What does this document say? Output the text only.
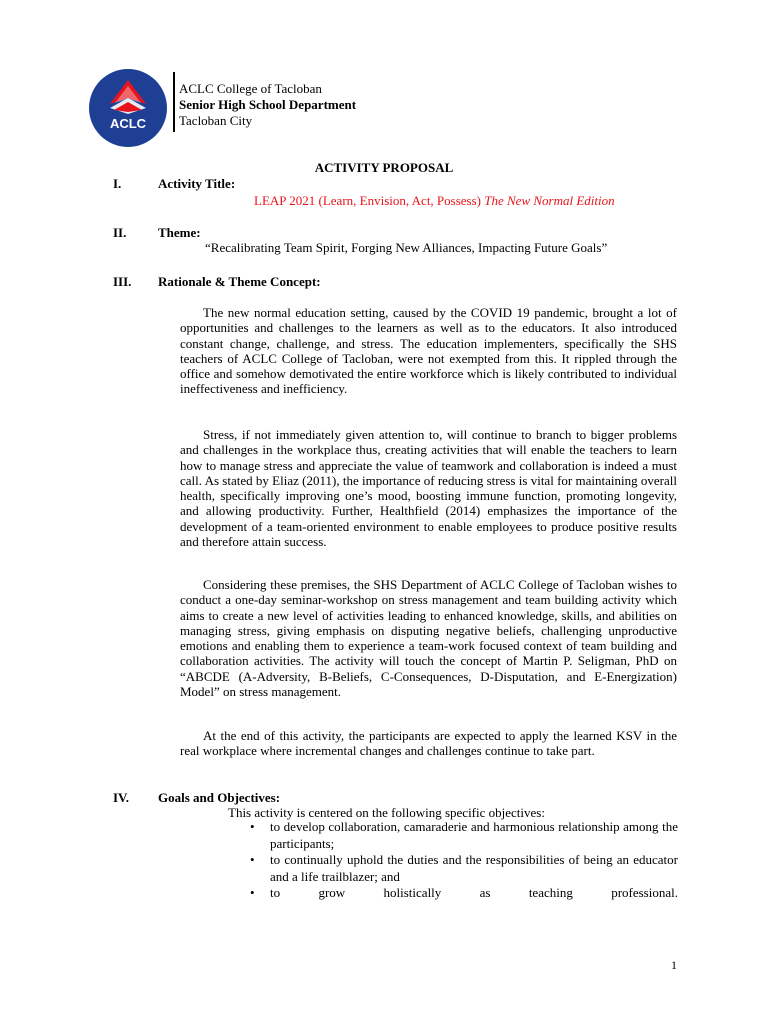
ACLC
ACLC College of Tacloban
Senior High School Department
Tacloban City
ACTIVITY PROPOSAL
I.	Activity Title:
LEAP 2021 (Learn, Envision, Act, Possess) The New Normal Edition
II. Theme:
“Recalibrating Team Spirit, Forging New Alliances, Impacting Future Goals”
III. Rationale & Theme Concept:

The new normal education setting, caused by the COVID 19 pandemic, brought a lot of opportunities and challenges to the learners as well as to the educators. It also introduced constant change, challenge, and stress. The education implementers, specifically the SHS teachers of ACLC College of Tacloban, were not exempted from this. It rippled through the office and somehow demotivated the entire workforce which is likely contributed to individual ineffectiveness and inefficiency.

Stress, if not immediately given attention to, will continue to branch to bigger problems and challenges in the workplace thus, creating activities that will enable the teachers to learn how to manage stress and appreciate the value of teamwork and collaboration is indeed a must call. As stated by Eliaz (2011), the importance of reducing stress is vital for maintaining overall health, specifically improving one’s mood, boosting immune function, promoting longevity, and allowing productivity. Further, Healthfield (2014) emphasizes the importance of the development of a team-oriented environment to enable employees to produce positive results and therefore attain success.

Considering these premises, the SHS Department of ACLC College of Tacloban wishes to conduct a one-day seminar-workshop on stress management and team building activity which aims to create a new level of activities leading to enhanced knowledge, skills, and abilities on managing stress, giving emphasis on disputing negative beliefs, challenging unproductive emotions and enabling them to experience a team-work focused context of team building and collaboration activities. The activity will touch the concept of Martin P. Seligman, PhD on “ABCDE (A-Adversity, B-Beliefs, C-Consequences, D-Disputation, and E-Energization) Model” on stress management.

At the end of this activity, the participants are expected to apply the learned KSV in the real workplace where incremental changes and challenges continue to take part.

IV. Goals and Objectives:
This activity is centered on the following specific objectives:
• to develop collaboration, camaraderie and harmonious relationship among the participants;
• to continually uphold the duties and the responsibilities of being an educator and a life trailblazer; and
• to grow holistically as teaching professional.
1
